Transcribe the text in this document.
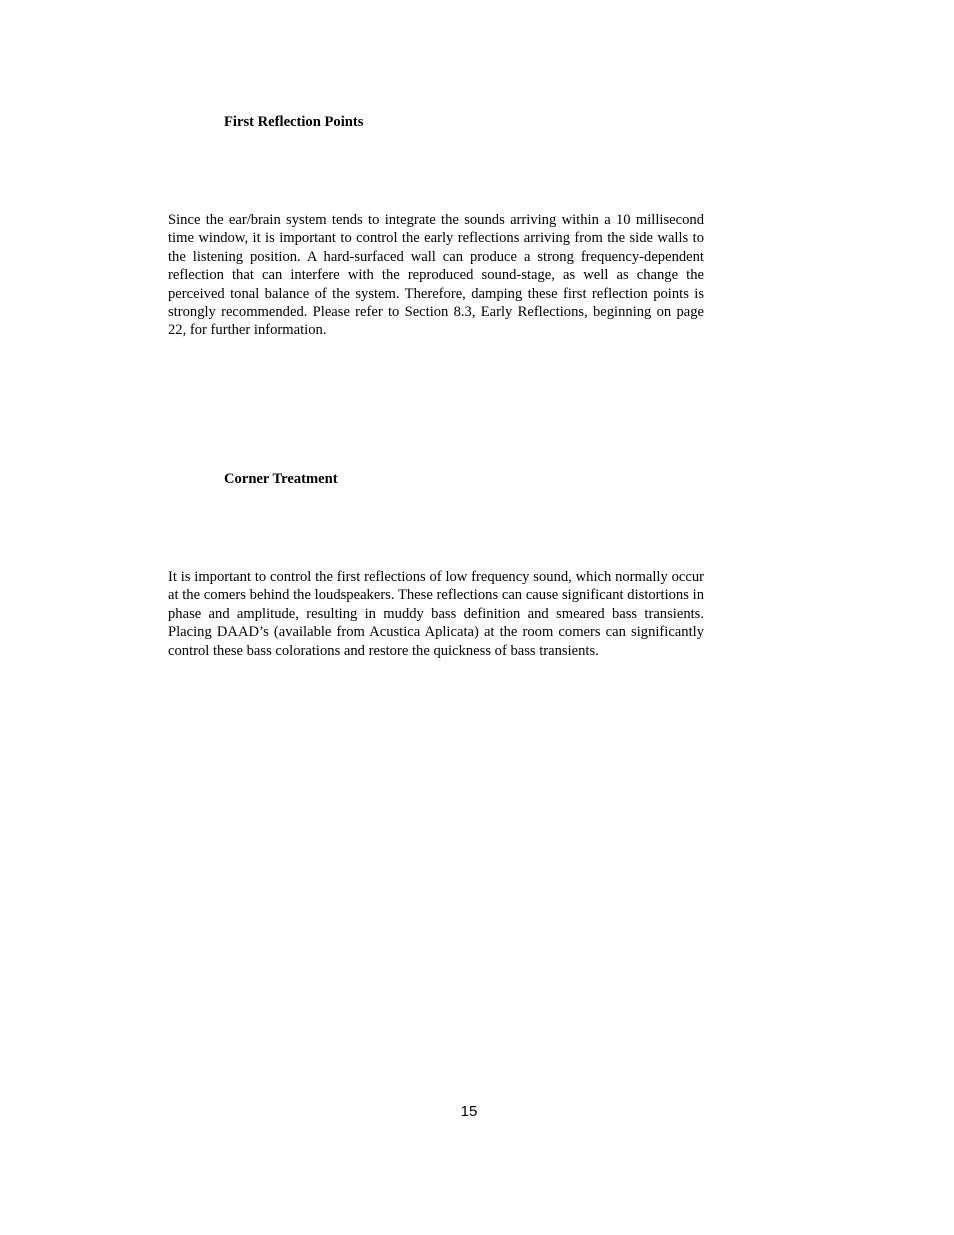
First Reflection Points

Since the ear/brain system tends to integrate the sounds arriving within a 10 millisecond time window, it is important to control the early reflections arriving from the side walls to the listening position. A hard-surfaced wall can produce a strong frequency-dependent reflection that can interfere with the reproduced sound-stage, as well as change the perceived tonal balance of the system. Therefore, damping these first reflection points is strongly recommended. Please refer to Section 8.3, Early Reflections, beginning on page 22, for further information.

Corner Treatment

It is important to control the first reflections of low frequency sound, which normally occur at the comers behind the loudspeakers. These reflections can cause significant distortions in phase and amplitude, resulting in muddy bass definition and smeared bass transients. Placing DAAD’s (available from Acustica Aplicata) at the room comers can significantly control these bass colorations and restore the quickness of bass transients.

15
